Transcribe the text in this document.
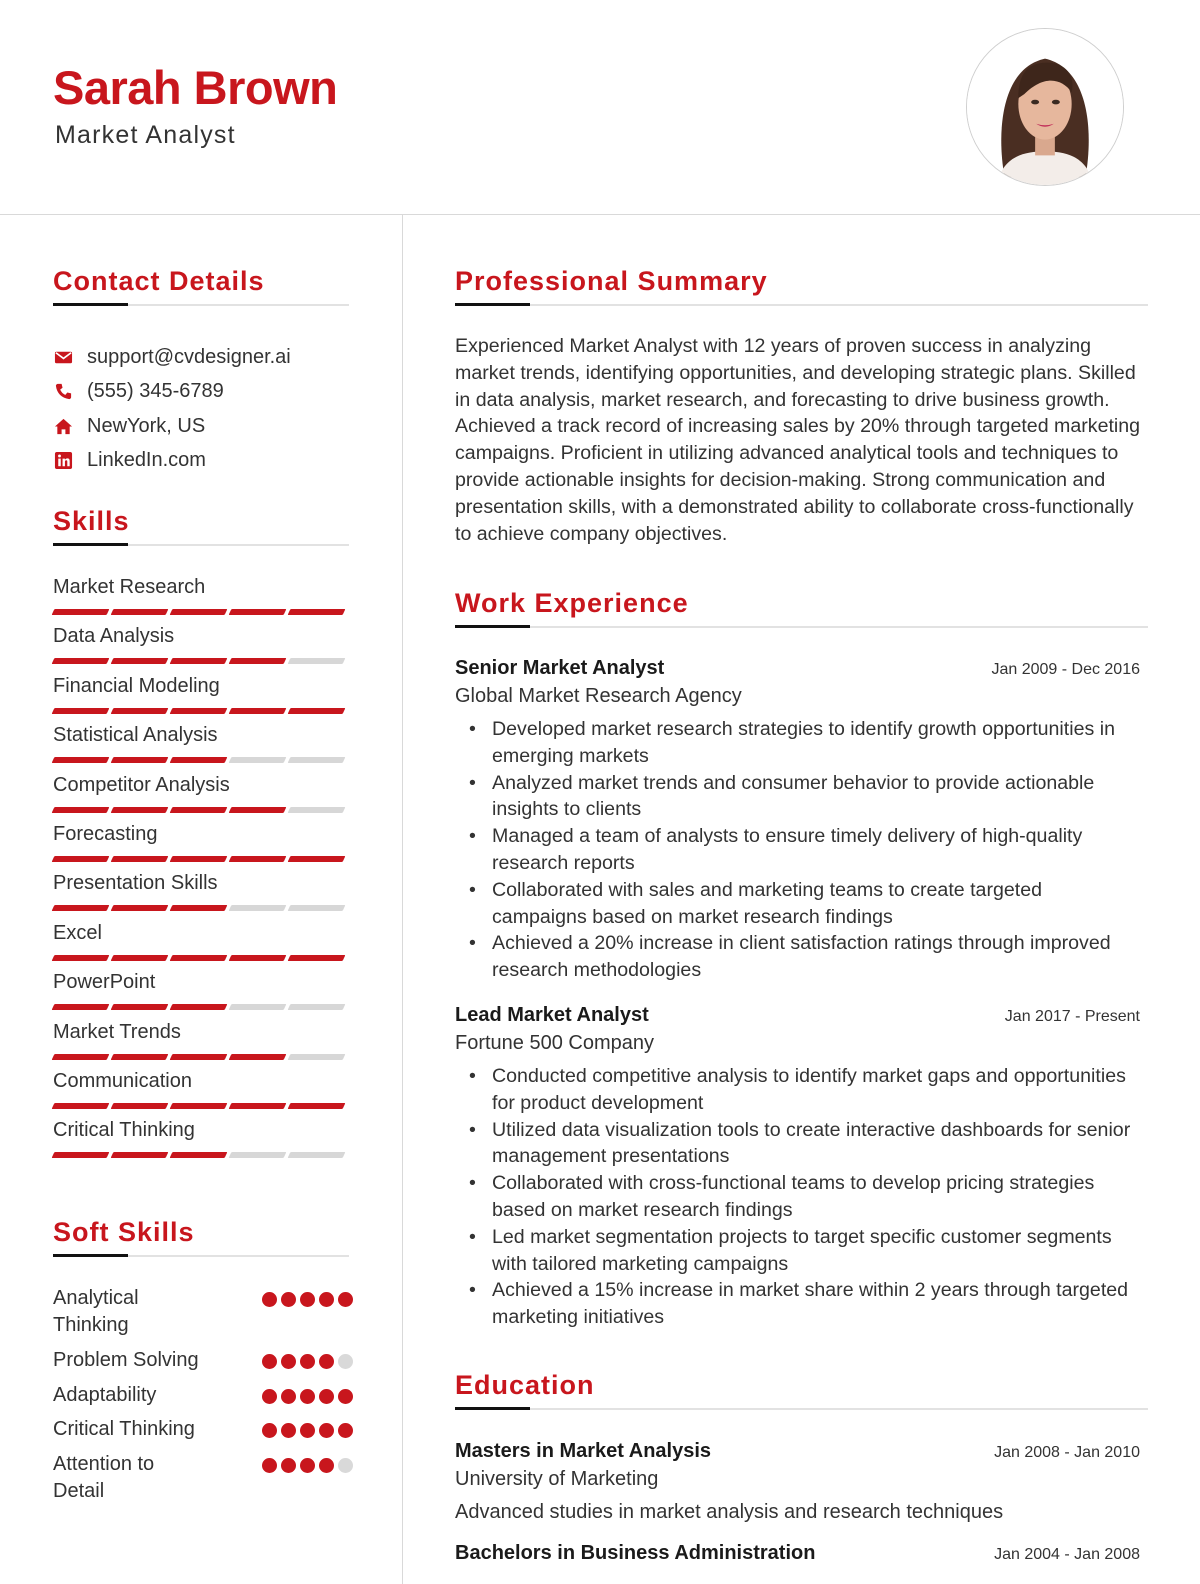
Sarah Brown
Market Analyst
Contact Details
support@cvdesigner.ai
(555) 345-6789
NewYork, US
LinkedIn.com
Skills
Market Research
Data Analysis
Financial Modeling
Statistical Analysis
Competitor Analysis
Forecasting
Presentation Skills
Excel
PowerPoint
Market Trends
Communication
Critical Thinking
Soft Skills
Analytical Thinking
Problem Solving
Adaptability
Critical Thinking
Attention to Detail
Professional Summary
Experienced Market Analyst with 12 years of proven success in analyzing market trends, identifying opportunities, and developing strategic plans. Skilled in data analysis, market research, and forecasting to drive business growth. Achieved a track record of increasing sales by 20% through targeted marketing campaigns. Proficient in utilizing advanced analytical tools and techniques to provide actionable insights for decision-making. Strong communication and presentation skills, with a demonstrated ability to collaborate cross-functionally to achieve company objectives.
Work Experience
Senior Market Analyst	Jan 2009 - Dec 2016
Global Market Research Agency
• Developed market research strategies to identify growth opportunities in emerging markets
• Analyzed market trends and consumer behavior to provide actionable insights to clients
• Managed a team of analysts to ensure timely delivery of high-quality research reports
• Collaborated with sales and marketing teams to create targeted campaigns based on market research findings
• Achieved a 20% increase in client satisfaction ratings through improved research methodologies
Lead Market Analyst	Jan 2017 - Present
Fortune 500 Company
• Conducted competitive analysis to identify market gaps and opportunities for product development
• Utilized data visualization tools to create interactive dashboards for senior management presentations
• Collaborated with cross-functional teams to develop pricing strategies based on market research findings
• Led market segmentation projects to target specific customer segments with tailored marketing campaigns
• Achieved a 15% increase in market share within 2 years through targeted marketing initiatives
Education
Masters in Market Analysis	Jan 2008 - Jan 2010
University of Marketing
Advanced studies in market analysis and research techniques
Bachelors in Business Administration	Jan 2004 - Jan 2008
